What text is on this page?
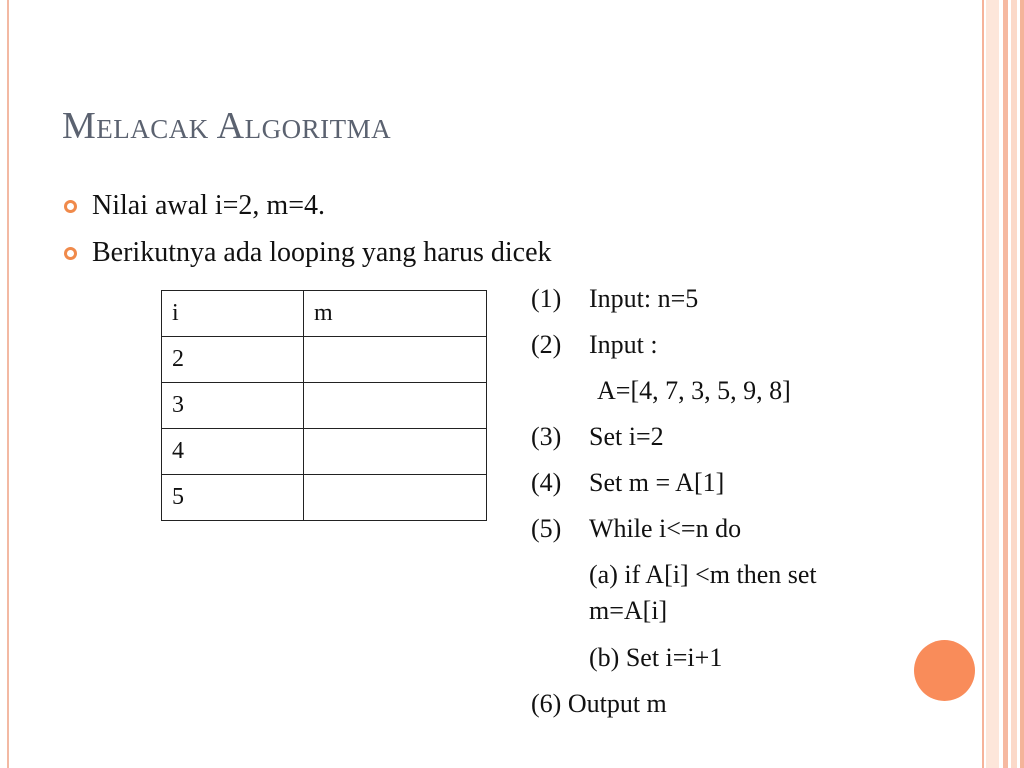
Melacak Algoritma
Nilai awal i=2, m=4.
Berikutnya ada looping yang harus dicek
i	m
2	
3	
4	
5	
(1) Input: n=5
(2) Input :
A=[4, 7, 3, 5, 9, 8]
(3) Set i=2
(4) Set m = A[1]
(5) While i<=n do
(a) if A[i] <m then set
m=A[i]
(b) Set i=i+1
(6) Output m
